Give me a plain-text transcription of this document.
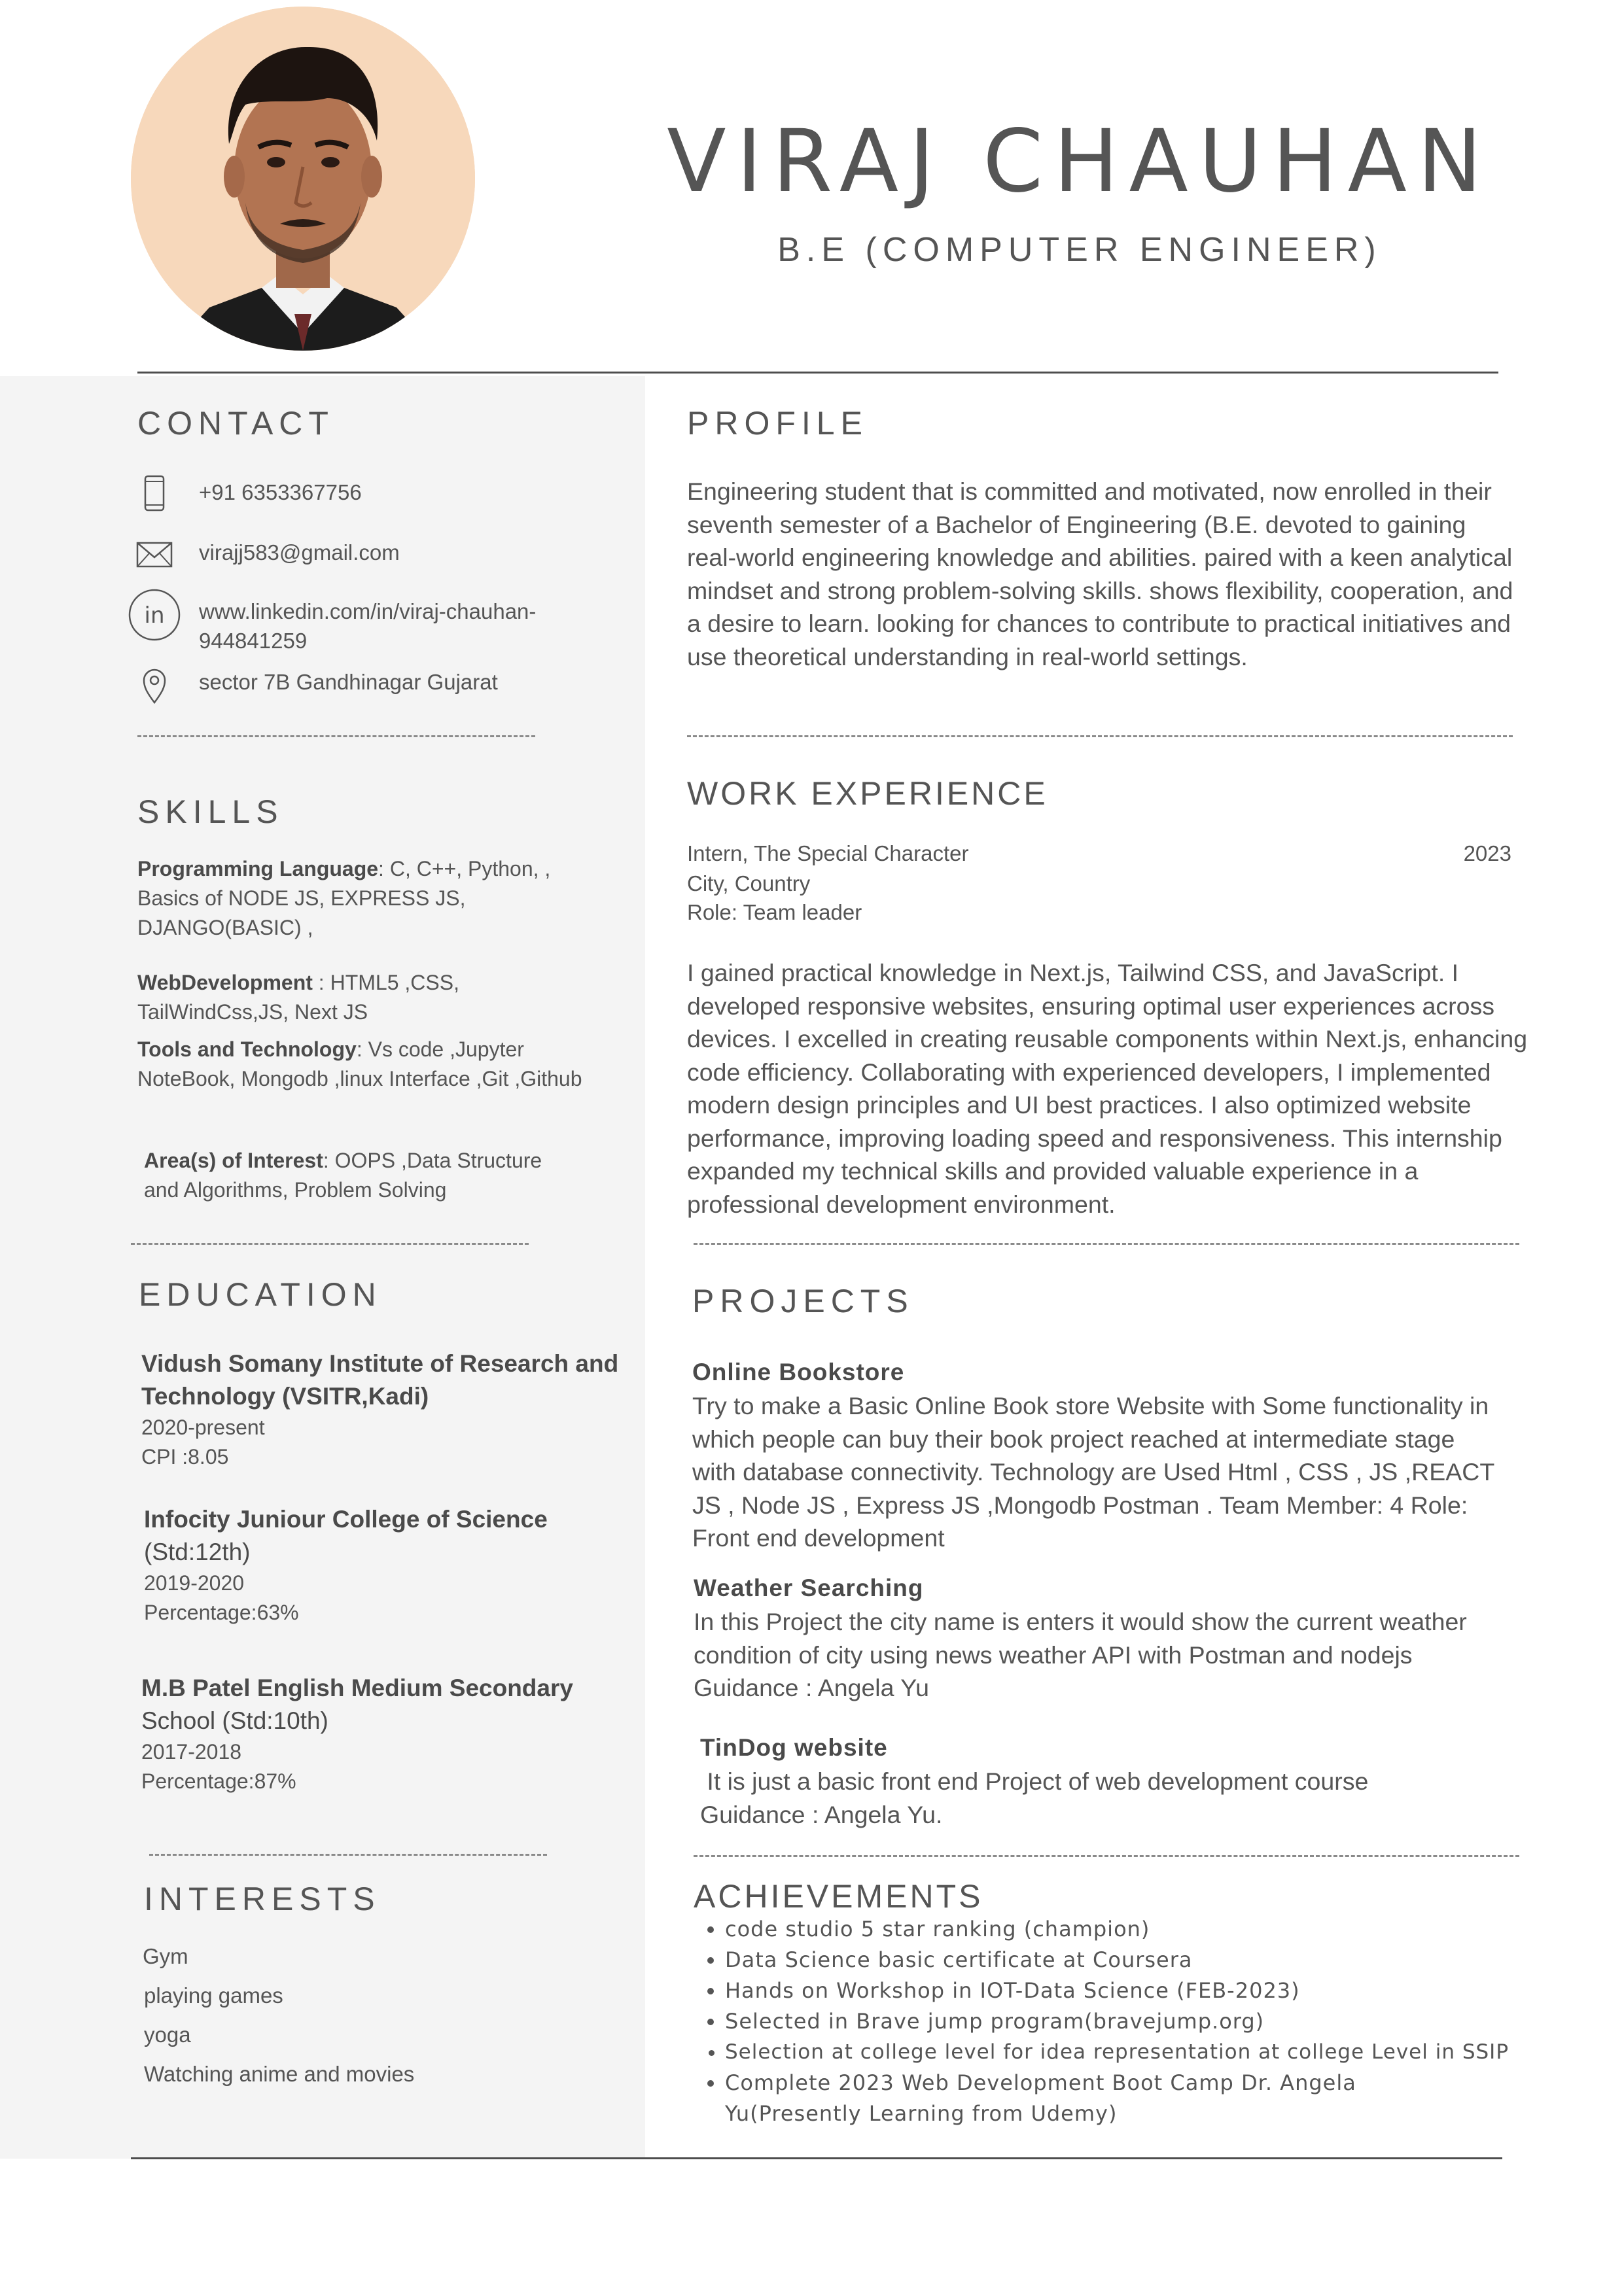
VIRAJ CHAUHAN
B.E (COMPUTER ENGINEER)
CONTACT
+91 6353367756
virajj583@gmail.com
in www.linkedin.com/in/viraj-chauhan-944841259
sector 7B Gandhinagar Gujarat
SKILLS
Programming Language: C, C++, Python, , Basics of NODE JS, EXPRESS JS, DJANGO(BASIC) ,
WebDevelopment : HTML5 ,CSS, TailWindCss,JS, Next JS
Tools and Technology: Vs code ,Jupyter NoteBook, Mongodb ,linux Interface ,Git ,Github
Area(s) of Interest: OOPS ,Data Structure and Algorithms, Problem Solving
EDUCATION
Vidush Somany Institute of Research and Technology (VSITR,Kadi)
2020-present
CPI :8.05
Infocity Juniour College of Science
(Std:12th)
2019-2020
Percentage:63%
M.B Patel English Medium Secondary
School (Std:10th)
2017-2018
Percentage:87%
INTERESTS
Gym
playing games
yoga
Watching anime and movies
PROFILE
Engineering student that is committed and motivated, now enrolled in their seventh semester of a Bachelor of Engineering (B.E. devoted to gaining real-world engineering knowledge and abilities. paired with a keen analytical mindset and strong problem-solving skills. shows flexibility, cooperation, and a desire to learn. looking for chances to contribute to practical initiatives and use theoretical understanding in real-world settings.
WORK EXPERIENCE
Intern, The Special Character	2023
City, Country
Role: Team leader
I gained practical knowledge in Next.js, Tailwind CSS, and JavaScript. I developed responsive websites, ensuring optimal user experiences across devices. I excelled in creating reusable components within Next.js, enhancing code efficiency. Collaborating with experienced developers, I implemented modern design principles and UI best practices. I also optimized website performance, improving loading speed and responsiveness. This internship expanded my technical skills and provided valuable experience in a professional development environment.
PROJECTS
Online Bookstore
Try to make a Basic Online Book store Website with Some functionality in which people can buy their book project reached at intermediate stage with database connectivity. Technology are Used Html , CSS , JS ,REACT JS , Node JS , Express JS ,Mongodb Postman . Team Member: 4 Role: Front end development
Weather Searching
In this Project the city name is enters it would show the current weather condition of city using news weather API with Postman and nodejs Guidance : Angela Yu
TinDog website
It is just a basic front end Project of web development course Guidance : Angela Yu.
ACHIEVEMENTS
• code studio 5 star ranking (champion)
• Data Science basic certificate at Coursera
• Hands on Workshop in IOT-Data Science (FEB-2023)
• Selected in Brave jump program(bravejump.org)
• Selection at college level for idea representation at college Level in SSIP
• Complete 2023 Web Development Boot Camp Dr. Angela Yu(Presently Learning from Udemy)
